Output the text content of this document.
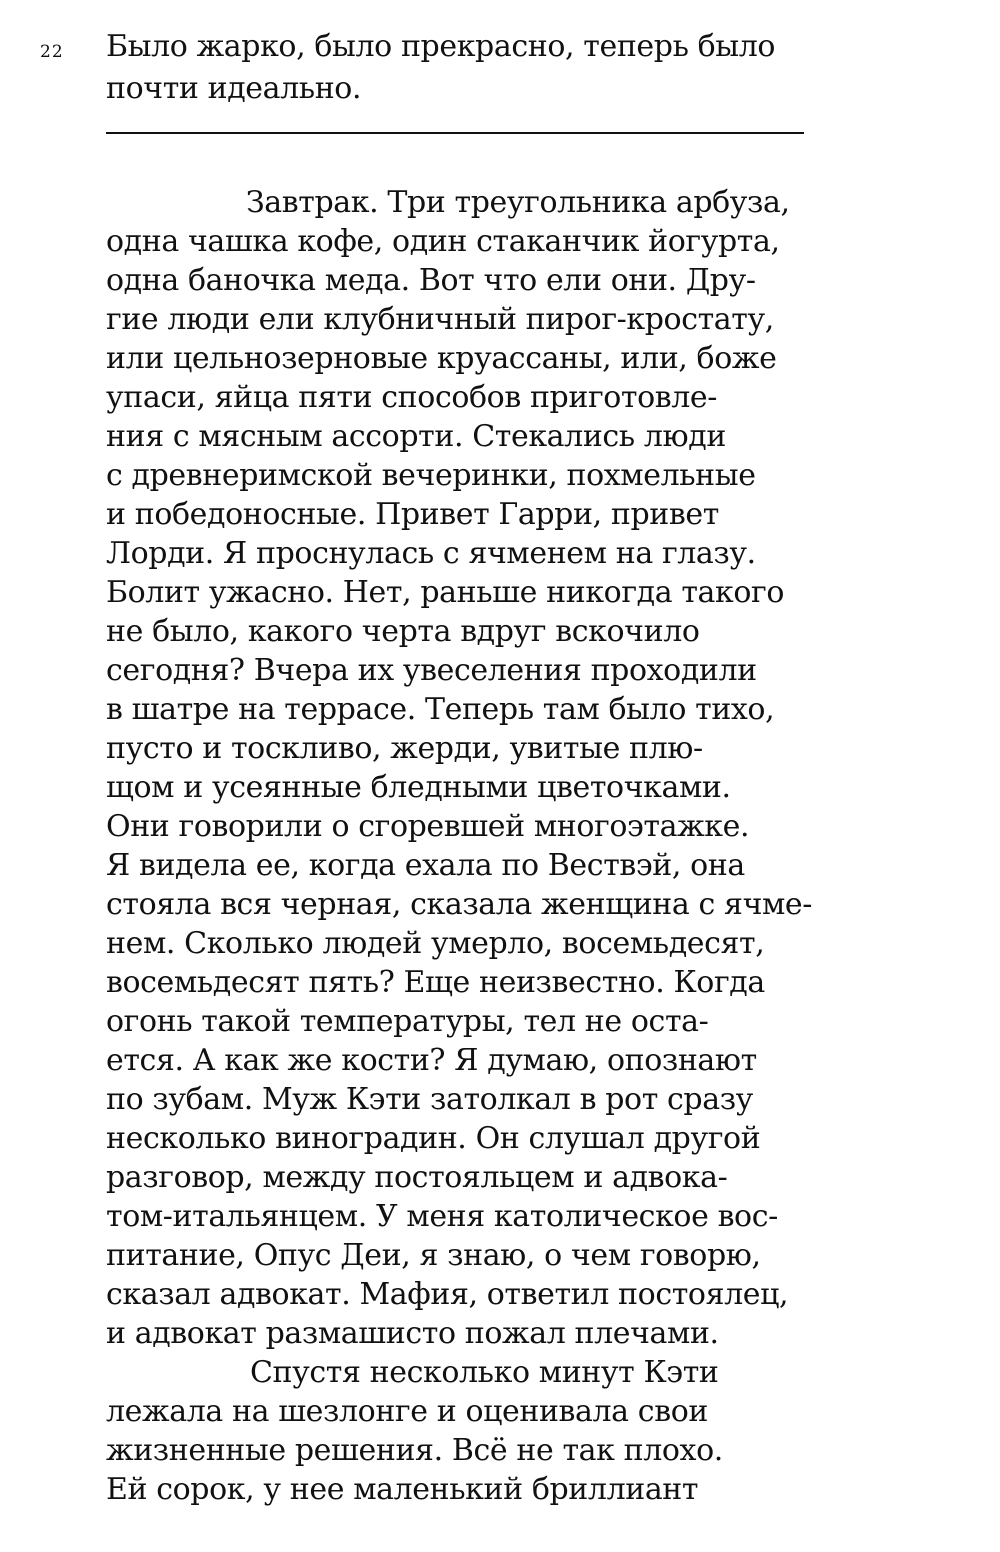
22 Было жарко, было прекрасно, теперь было

почти идеально.

Завтрак. Три треугольника арбуза,

одна чашка кофе, один стаканчик йогурта,

одна баночка меда. Вот что ели они. Дру-

гие люди ели клубничный пирог-кростату,

или цельнозерновые круассаны, или, боже

упаси, яйца пяти способов приготовле-

ния с мясным ассорти. Стекались люди

с древнеримской вечеринки, похмельные

и победоносные. Привет Гарри, привет

Лорди. Я проснулась с ячменем на глазу.

Болит ужасно. Нет, раньше никогда такого

не было, какого черта вдруг вскочило

сегодня? Вчера их увеселения проходили

в шатре на террасе. Теперь там было тихо,

пусто и тоскливо, жерди, увитые плю-

щом и усеянные бледными цветочками.

Они говорили о сгоревшей многоэтажке.

Я видела ее, когда ехала по Вествэй, она

стояла вся черная, сказала женщина с ячме-

нем. Сколько людей умерло, восемьдесят,

восемьдесят пять? Еще неизвестно. Когда

огонь такой температуры, тел не оста-

ется. А как же кости? Я думаю, опознают

по зубам. Муж Кэти затолкал в рот сразу

несколько виноградин. Он слушал другой

разговор, между постояльцем и адвока-

том-итальянцем. У меня католическое вос-

питание, Опус Деи, я знаю, о чем говорю,

сказал адвокат. Мафия, ответил постоялец,

и адвокат размашисто пожал плечами.

Спустя несколько минут Кэти

лежала на шезлонге и оценивала свои

жизненные решения. Всё не так плохо.

Ей сорок, у нее маленький бриллиант
